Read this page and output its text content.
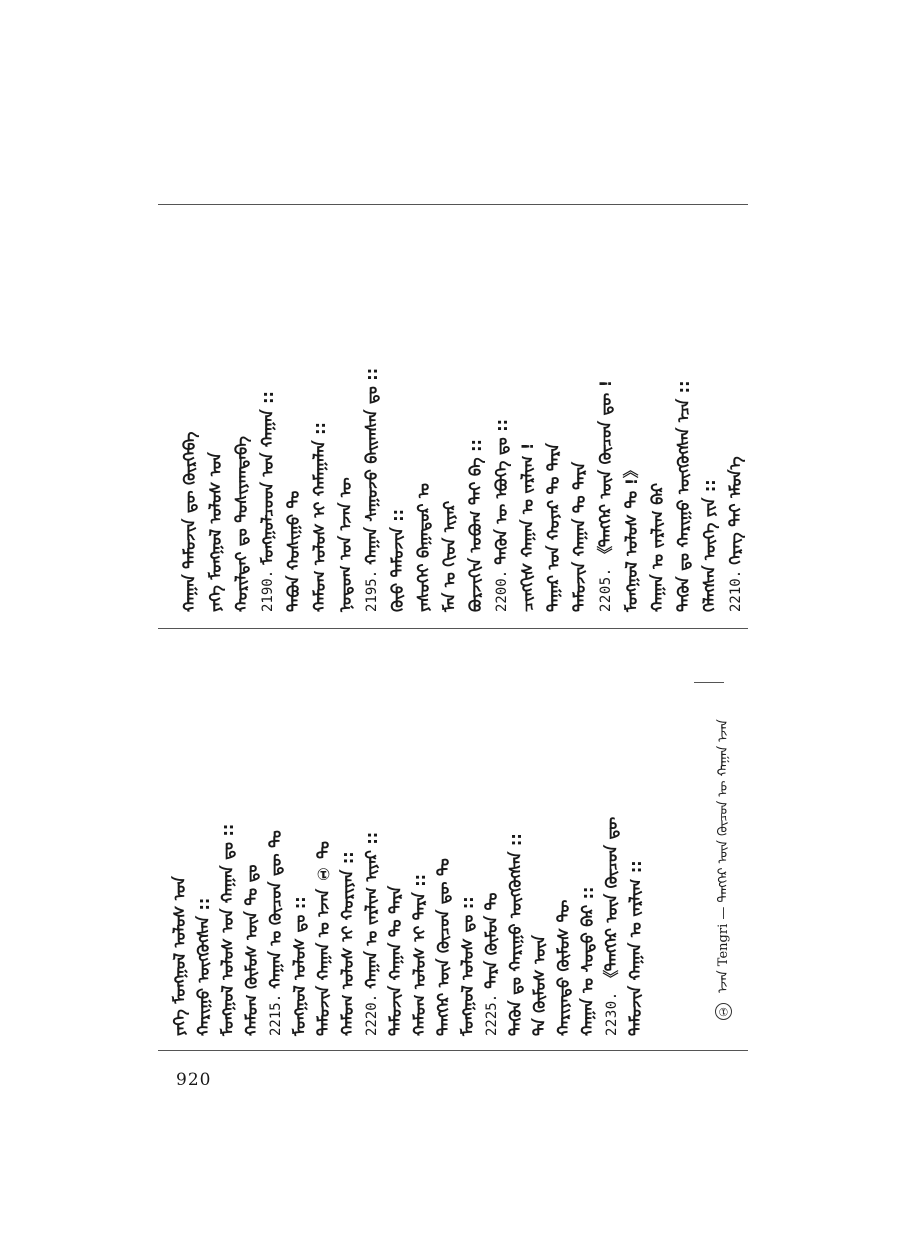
2210. ᠬᠡᠷᠡᠭ ᠲᠠᠢ ᠡᠮᠦᠨ᠎ᠡ
ᠬᠡᠯᠡᠭᠰᠡᠨ ᠦᠭᠡ ᠶᠢᠨ ::
ᠲᠡᠭᠦᠨ ᠳᠤ ᠬᠠᠷᠢᠭᠤ ᠦᠭᠭᠦᠭᠰᠡᠨ ᠡᠴᠡ ::
ᠬᠠᠭᠠᠨ ᠤ ᠵᠠᠷᠯᠢᠭ ᠪᠠᠷ
ᠮᠣᠩᠭᠣᠯ ᠤᠯᠤᠰ ᠲᠤ !》
2205. 《ᠲᠡᠩᠭᠡᠷ ᠦᠨ ᠬᠦᠴᠦᠨ ᠳᠦ !
ᠲᠡᠮᠦᠵᠢᠨ ᠬᠠᠭᠠᠨ ᠲᠤ ᠲᠡᠷᠡ
ᠲᠠᠭᠠᠷ ᠤᠨ ᠬᠣᠶᠠᠷ ᠲᠤ ᠲᠡᠷᠡ
ᠴᠢᠩᠭᠢᠰ ᠬᠠᠭᠠᠨ ᠤ ᠵᠠᠷᠯᠢᠭ !
2200. ᠲᠡᠭᠦᠨ ᠦ ᠡᠪᠦᠭᠡ ᠳᠤ ::
ᠪᠣᠷᠵᠢᠭᠢᠨ ᠣᠪᠣᠭ ᠲᠠᠢ ᠪᠠ ::
ᠮᠠᠨ ᠤ ᠬᠢᠳ ᠢᠶᠠᠷ
ᠶᠡᠰᠦᠭᠡᠢ ᠪᠠᠭᠠᠲᠤᠷ ᠤ
ᠬᠦᠦ ᠲᠡᠮᠦᠵᠢᠨ ::
2195. ᠬᠠᠭᠠᠨ ᠰᠠᠭᠤᠵᠤ ᠪᠠᠢᠭᠰᠠᠨ ᠳᠤ ::
ᠨᠤᠲᠤᠭ ᠤᠨ ᠡᠵᠡᠨ ᠦ
ᠬᠠᠮᠤᠭ ᠤᠯᠤᠰ ᠢ ᠬᠠᠮᠠᠭᠠᠯᠠᠨ ::
ᠲᠠᠪᠤᠨ ᠬᠣᠰᠢᠭᠤ ᠲᠤ
2190. ᠮᠣᠩᠭᠣᠯᠴᠤᠳ ᠤᠨ ᠬᠠᠭᠠᠨ ::
ᠬᠤᠷᠢᠯᠲᠠᠢ ᠳᠤ ᠲᠤᠰᠢᠶᠠᠭᠳᠠᠪᠠ
ᠶᠡᠬᠡ ᠮᠣᠩᠭᠣᠯ ᠤᠯᠤᠰ ᠤᠨ
ᠬᠠᠭᠠᠨ ᠲᠡᠮᠦᠵᠢᠨ ᠳᠦ ᠬᠦᠷᠬᠡᠪᠡ
ᠲᠡᠮᠦᠵᠢᠨ ᠬᠠᠭᠠᠨ ᠤ ᠵᠠᠷᠯᠢᠭ ::
2230. 《ᠲᠡᠩᠭᠡᠷ ᠦᠨ ᠬᠦᠴᠦᠨ ᠳᠦ
ᠬᠠᠭᠠᠨ ᠤ ᠰᠣᠳᠤ ᠪᠠᠷ ::
ᠬᠠᠷᠢᠶᠠᠲᠤ ᠬᠦᠮᠦᠰ ᠲᠦ
ᠲᠠ ᠬᠦᠮᠦᠰ ᠦᠨ
ᠲᠡᠭᠦᠨ ᠳᠤ ᠬᠠᠷᠢᠭᠤ ᠦᠭᠭᠦᠭᠰᠡᠨ ::
2225. ᠲᠡᠷᠡ ᠬᠦᠮᠦᠨ ᠲᠤ
ᠮᠣᠩᠭᠣᠯ ᠤᠯᠤᠰ ᠳᠤ ::
ᠲᠡᠩᠭᠡᠷ ᠦᠨ ᠬᠦᠴᠦᠨ ᠳᠦ ᠲᠤ
ᠬᠠᠮᠤᠭ ᠤᠯᠤᠰ ᠢ ᠲᠡᠷᠡ ::
ᠲᠡᠮᠦᠵᠢᠨ ᠬᠠᠭᠠᠨ ᠲᠤ ᠲᠡᠷᠡ
2220. ᠬᠠᠭᠠᠨ ᠤ ᠵᠠᠷᠯᠢᠭ ᠢᠶᠠᠷ ::
ᠬᠠᠮᠤᠭ ᠤᠯᠤᠰ ᠢ ᠬᠣᠷᠢᠶᠠᠨ ::
ᠲᠡᠮᠦᠵᠢᠨ ᠬᠠᠭᠠᠨ ᠤ ᠡᠵᠡᠨ ① ᠲᠤ
ᠮᠣᠩᠭᠣᠯ ᠤᠯᠤᠰ ᠳᠤ ::
2215. ᠬᠠᠭᠠᠨ ᠤ ᠬᠦᠴᠦᠨ ᠳᠦ ᠲᠤ
ᠬᠠᠮᠤᠭ ᠬᠦᠮᠦᠰ ᠦᠨ ᠲᠤ ᠳᠤ
ᠮᠣᠩᠭᠣᠯ ᠤᠯᠤᠰ ᠤᠨ ᠬᠠᠭᠠᠨ ᠳᠤ ::
ᠬᠠᠷᠢᠭᠤ ᠦᠭᠭᠦᠭᠰᠡᠨ ::
ᠶᠡᠬᠡ ᠮᠣᠩᠭᠣᠯ ᠤᠯᠤᠰ ᠤᠨ	① ᠡᠵᠡᠨ Tengri — ᠲᠡᠩᠭᠡᠷ ᠦᠨ ᠬᠦᠴᠦᠨ ᠦ ᠬᠠᠭᠠᠨ ᠡᠵᠡᠨ
920
